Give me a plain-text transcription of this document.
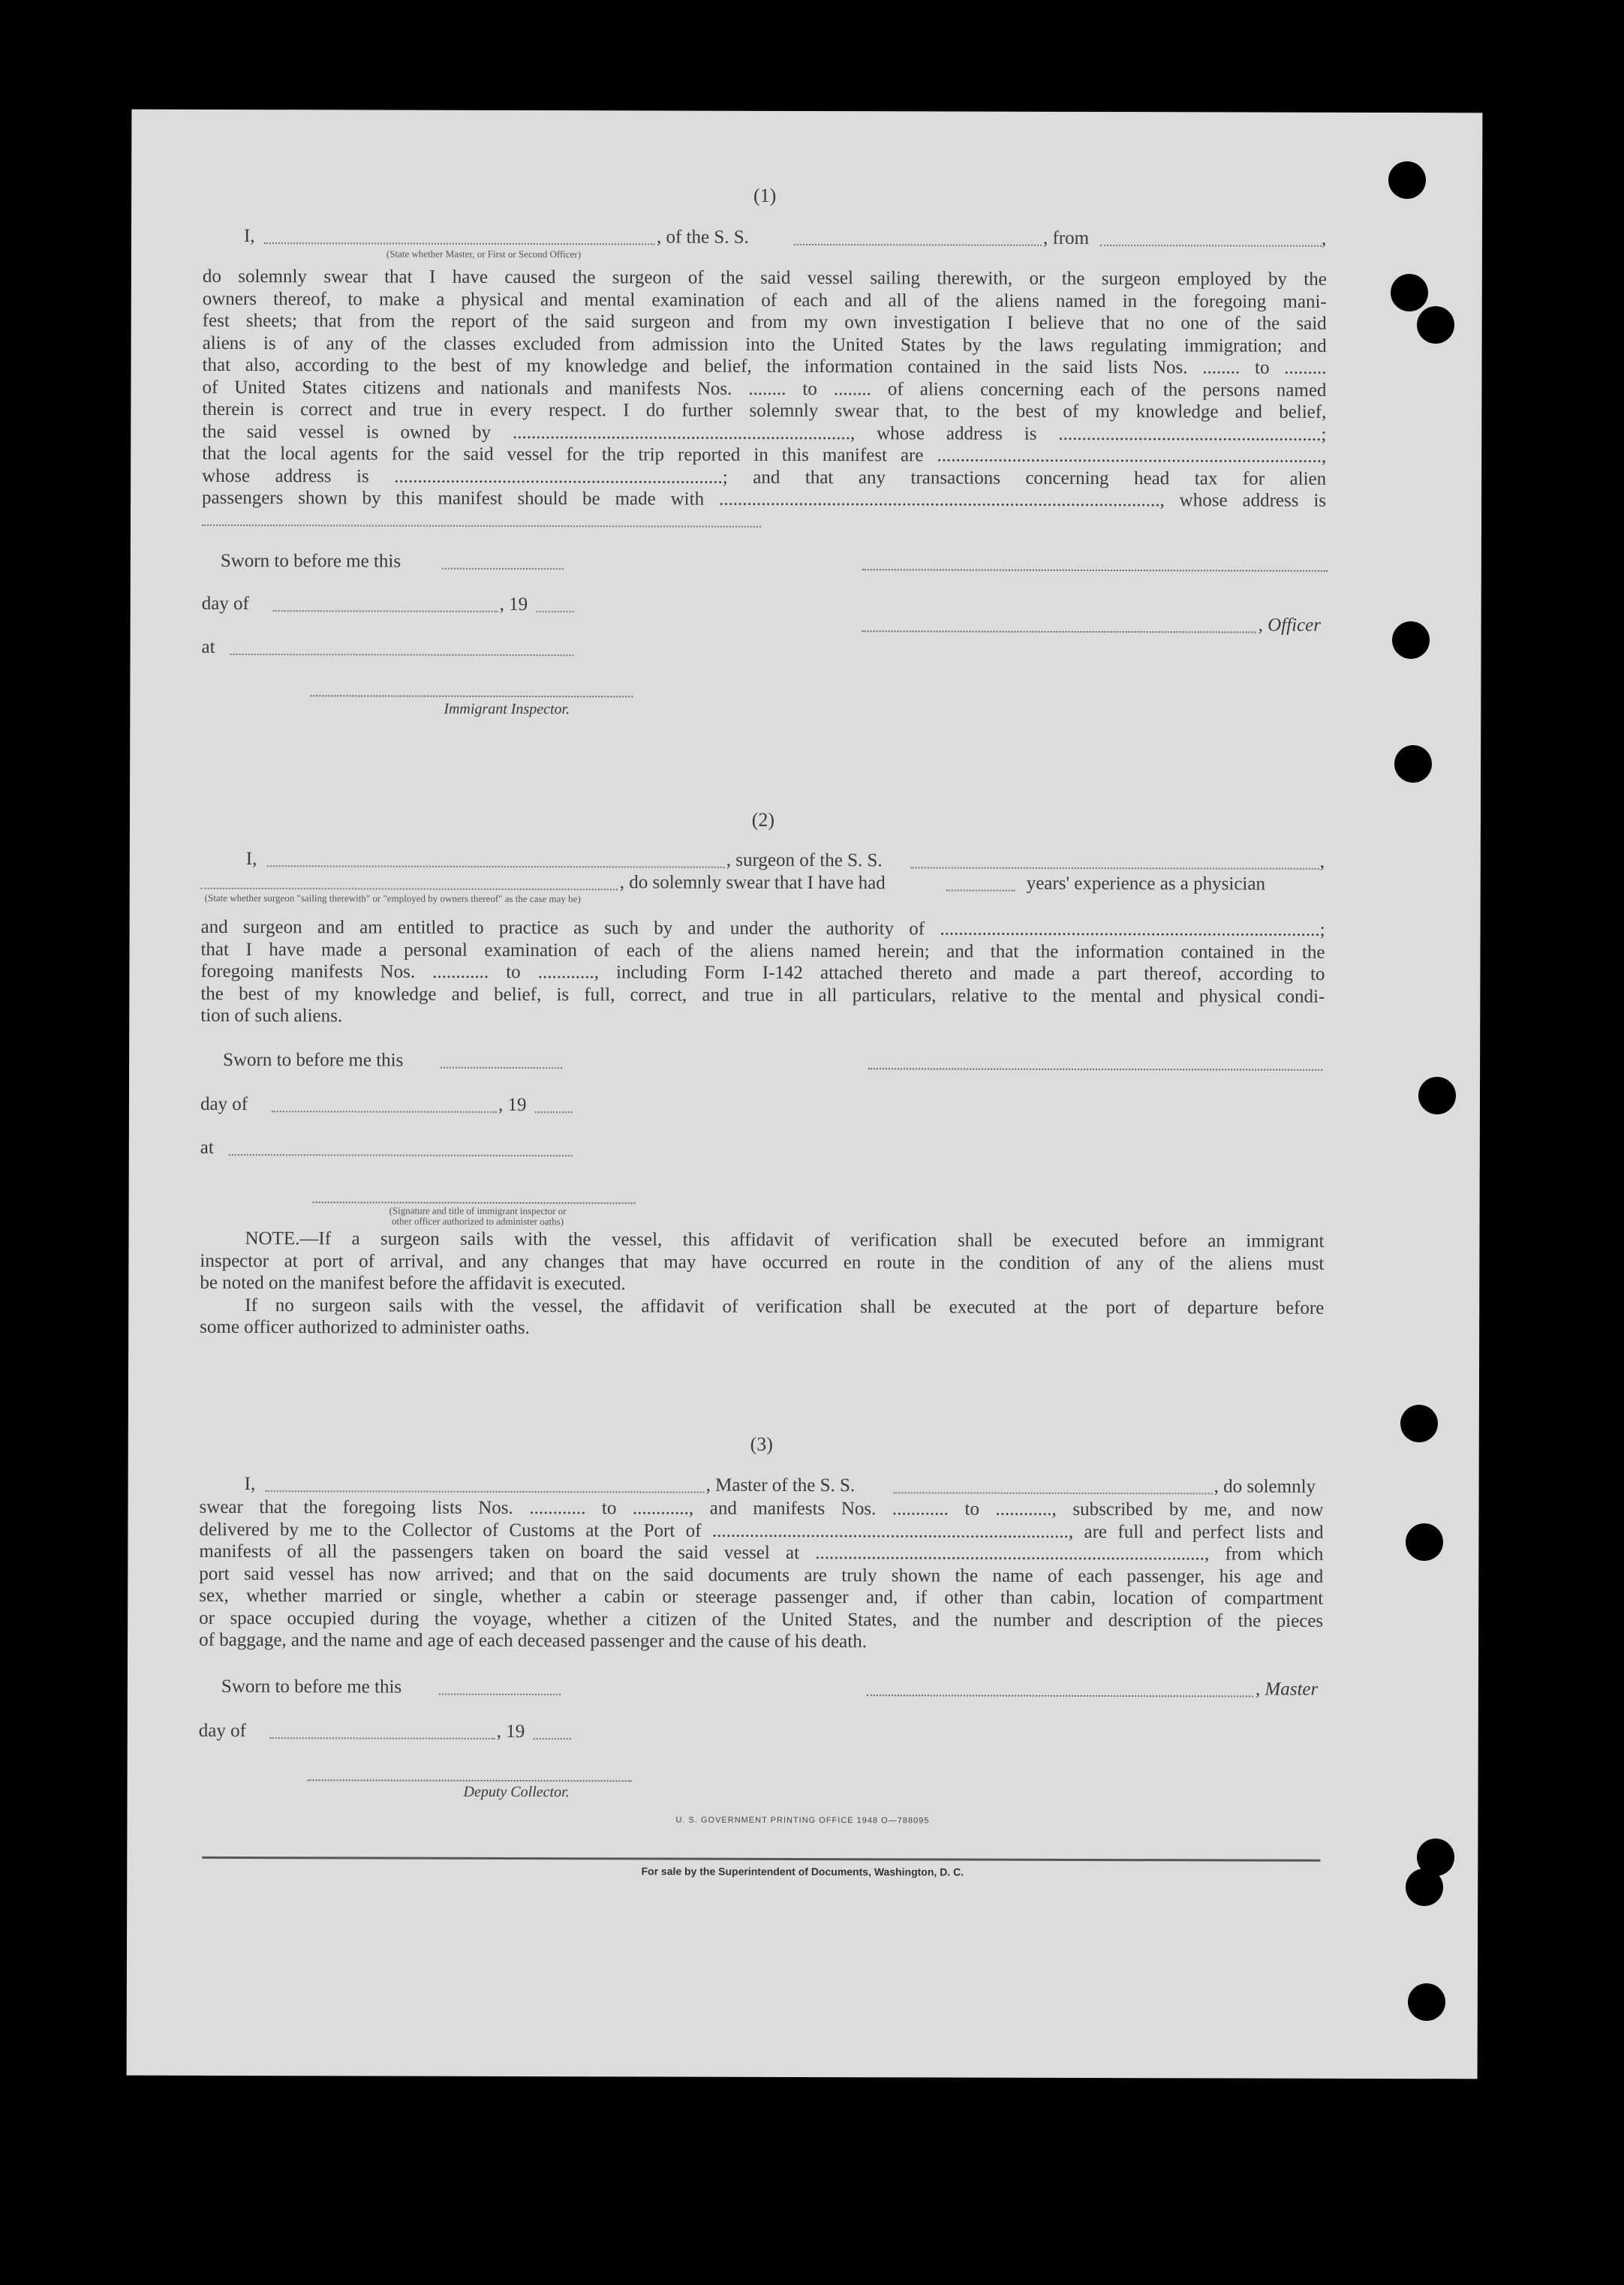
(1)
I,	, of the S. S.	, from	,
(State whether Master, or First or Second Officer)
do solemnly swear that I have caused the surgeon of the said vessel sailing therewith, or the surgeon employed by the
owners thereof, to make a physical and mental examination of each and all of the aliens named in the foregoing mani-
fest sheets; that from the report of the said surgeon and from my own investigation I believe that no one of the said
aliens is of any of the classes excluded from admission into the United States by the laws regulating immigration; and
that also, according to the best of my knowledge and belief, the information contained in the said lists Nos. ........ to .........
of United States citizens and nationals and manifests Nos. ........ to ........ of aliens concerning each of the persons named
therein is correct and true in every respect. I do further solemnly swear that, to the best of my knowledge and belief,
the said vessel is owned by ........................................................................, whose address is ........................................................;
that the local agents for the said vessel for the trip reported in this manifest are ..................................................................................,
whose address is ......................................................................; and that any transactions concerning head tax for alien
passengers shown by this manifest should be made with .............................................................................................., whose address is
Sworn to before me this
day of	, 19
, Officer
at
Immigrant Inspector.
(2)
I,	, surgeon of the S. S.	,
, do solemnly swear that I have had	years' experience as a physician
(State whether surgeon "sailing therewith" or "employed by owners thereof" as the case may be)
and surgeon and am entitled to practice as such by and under the authority of .................................................................................;
that I have made a personal examination of each of the aliens named herein; and that the information contained in the
foregoing manifests Nos. ............ to ............, including Form I-142 attached thereto and made a part thereof, according to
the best of my knowledge and belief, is full, correct, and true in all particulars, relative to the mental and physical condi-
tion of such aliens.
Sworn to before me this
day of	, 19
at
(Signature and title of immigrant inspector or
other officer authorized to administer oaths)
NOTE.—If a surgeon sails with the vessel, this affidavit of verification shall be executed before an immigrant
inspector at port of arrival, and any changes that may have occurred en route in the condition of any of the aliens must
be noted on the manifest before the affidavit is executed.
If no surgeon sails with the vessel, the affidavit of verification shall be executed at the port of departure before
some officer authorized to administer oaths.
(3)
I,	, Master of the S. S.	, do solemnly
swear that the foregoing lists Nos. ............ to ............, and manifests Nos. ............ to ............, subscribed by me, and now
delivered by me to the Collector of Customs at the Port of ............................................................................, are full and perfect lists and
manifests of all the passengers taken on board the said vessel at ..................................................................................., from which
port said vessel has now arrived; and that on the said documents are truly shown the name of each passenger, his age and
sex, whether married or single, whether a cabin or steerage passenger and, if other than cabin, location of compartment
or space occupied during the voyage, whether a citizen of the United States, and the number and description of the pieces
of baggage, and the name and age of each deceased passenger and the cause of his death.
Sworn to before me this	, Master
day of	, 19
Deputy Collector.
U. S. GOVERNMENT PRINTING OFFICE 1948 O—788095
For sale by the Superintendent of Documents, Washington, D. C.
